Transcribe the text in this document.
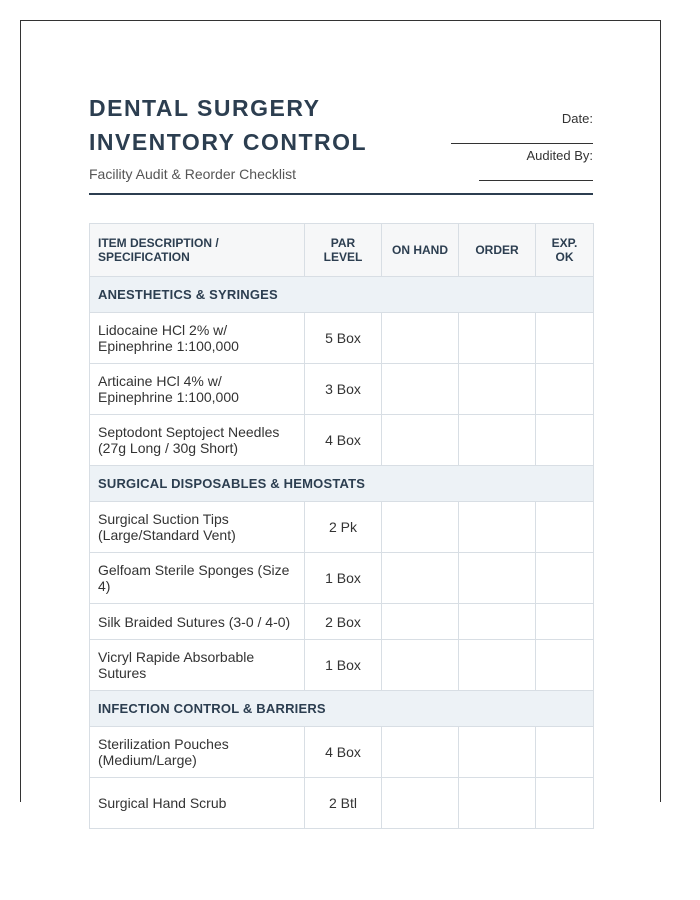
DENTAL SURGERY INVENTORY CONTROL
Facility Audit & Reorder Checklist
Date:
Audited By:
ITEM DESCRIPTION / SPECIFICATION	PAR LEVEL	ON HAND	ORDER	EXP. OK
ANESTHETICS & SYRINGES				
Lidocaine HCl 2% w/ Epinephrine 1:100,000	5 Box			
Articaine HCl 4% w/ Epinephrine 1:100,000	3 Box			
Septodont Septoject Needles (27g Long / 30g Short)	4 Box			
SURGICAL DISPOSABLES & HEMOSTATS				
Surgical Suction Tips (Large/Standard Vent)	2 Pk			
Gelfoam Sterile Sponges (Size 4)	1 Box			
Silk Braided Sutures (3-0 / 4-0)	2 Box			
Vicryl Rapide Absorbable Sutures	1 Box			
INFECTION CONTROL & BARRIERS				
Sterilization Pouches (Medium/Large)	4 Box			
Surgical Hand Scrub	2 Btl			
